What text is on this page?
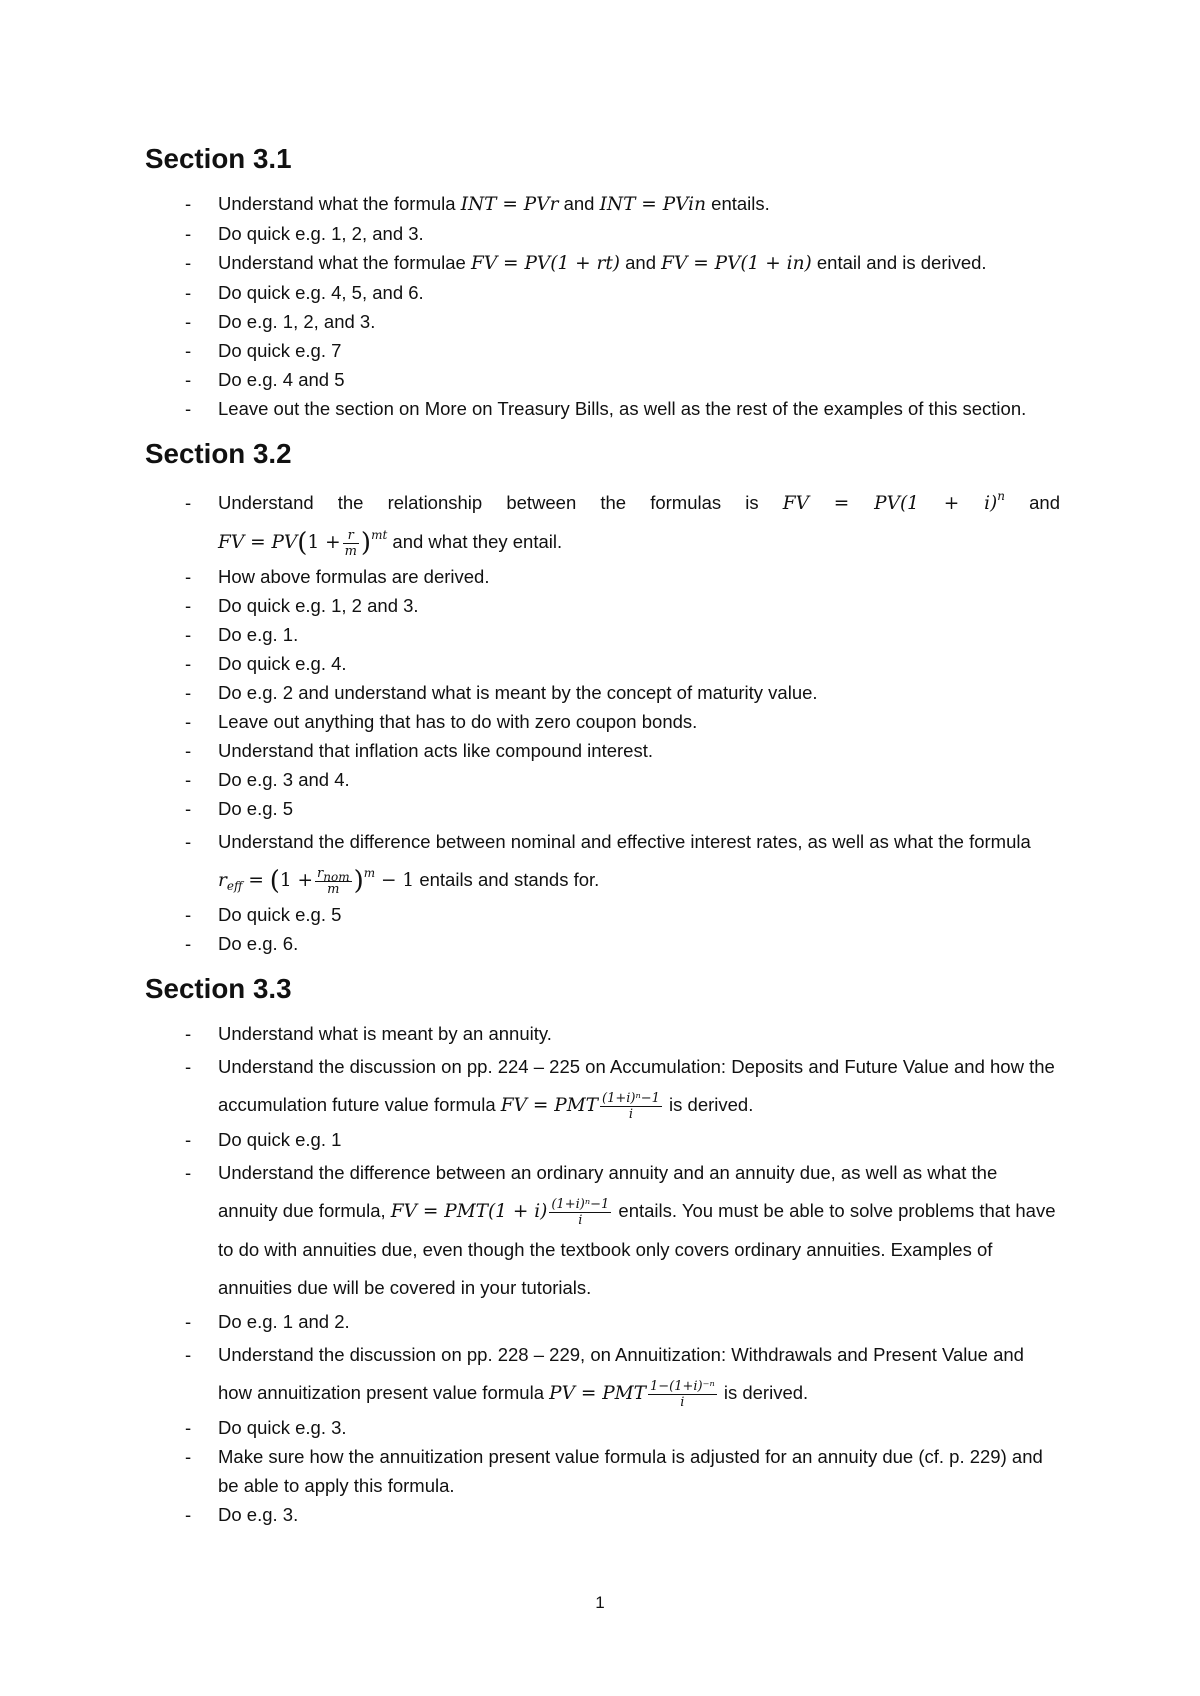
Section 3.1
- Understand what the formula INT = PVr and INT = PVin entails.
- Do quick e.g. 1, 2, and 3.
- Understand what the formulae FV = PV(1 + rt) and FV = PV(1 + in) entail and is derived.
- Do quick e.g. 4, 5, and 6.
- Do e.g. 1, 2, and 3.
- Do quick e.g. 7
- Do e.g. 4 and 5
- Leave out the section on More on Treasury Bills, as well as the rest of the examples of this section.
Section 3.2
- Understand the relationship between the formulas is FV = $PV(1 + i)^n$ and
FV = $PV(1 + \frac{r}{m} )^{mt}$ and what they entail.
- How above formulas are derived.
- Do quick e.g. 1, 2 and 3.
- Do e.g. 1.
- Do quick e.g. 4.
- Do e.g. 2 and understand what is meant by the concept of maturity value.
- Leave out anything that has to do with zero coupon bonds.
- Understand that inflation acts like compound interest.
- Do e.g. 3 and 4.
- Do e.g. 5
- Understand the difference between nominal and effective interest rates, as well as what the formula $r_{eff} = (1 + \frac{r_{nom}}{m} )^m - 1$ entails and stands for.
- Do quick e.g. 5
- Do e.g. 6.
Section 3.3
- Understand what is meant by an annuity.
- Understand the discussion on pp. 224 – 225 on Accumulation: Deposits and Future Value and how the accumulation future value formula FV = PMT $\frac{\text{(1+i)ⁿ−1}}{i}$ is derived.
- Do quick e.g. 1
- Understand the difference between an ordinary annuity and an annuity due, as well as what the annuity due formula, FV = $PMT(1 + i) \frac{\text{(1+i)ⁿ−1}}{i}$ entails. You must be able to solve problems that have to do with annuities due, even though the textbook only covers ordinary annuities. Examples of annuities due will be covered in your tutorials.
- Do e.g. 1 and 2.
- Understand the discussion on pp. 228 – 229, on Annuitization: Withdrawals and Present Value and how annuitization present value formula PV = PMT $\frac{\text{1−(1+i)⁻ⁿ}}{i}$ is derived.
- Do quick e.g. 3.
- Make sure how the annuitization present value formula is adjusted for an annuity due (cf. p. 229) and be able to apply this formula.
- Do e.g. 3.
1
